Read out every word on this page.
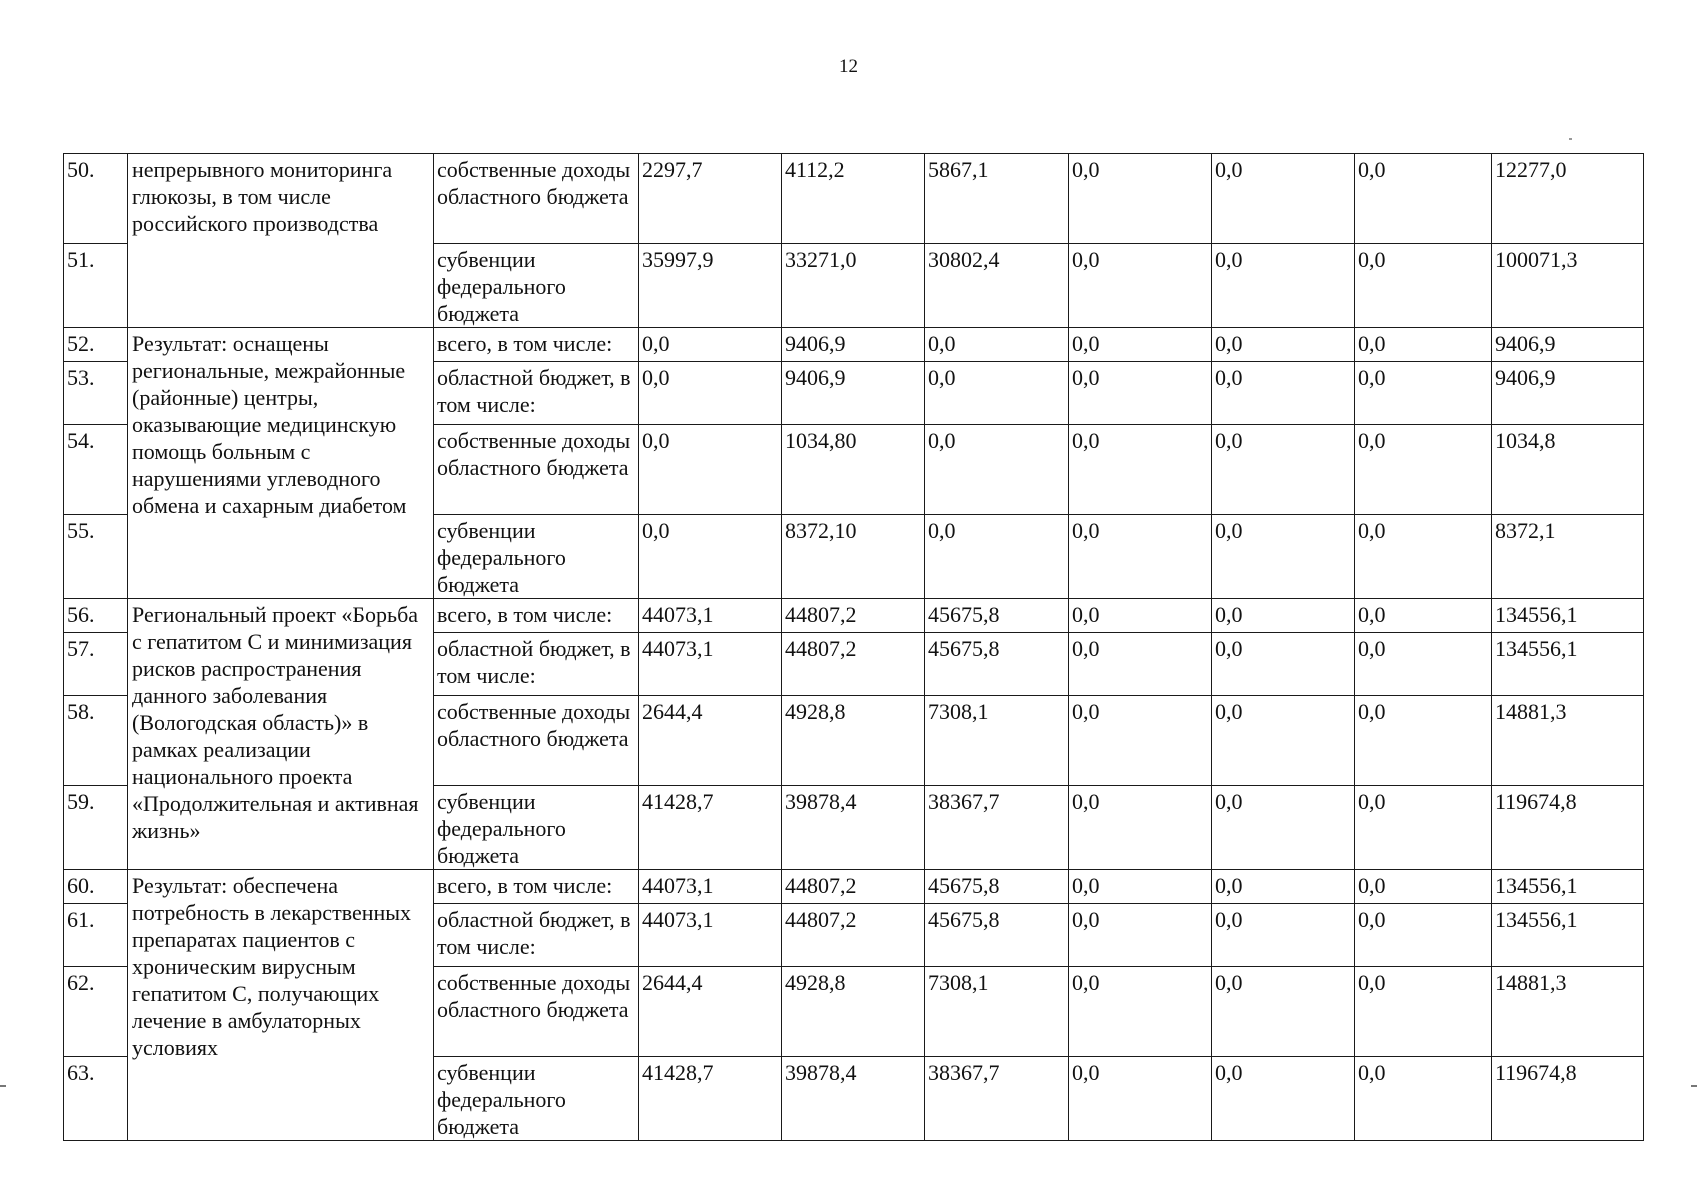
12
50.	непрерывного мониторинга глюкозы, в том числе российского производства	собственные доходы областного бюджета	2297,7	4112,2	5867,1	0,0	0,0	0,0	12277,0
51.		субвенции федерального бюджета	35997,9	33271,0	30802,4	0,0	0,0	0,0	100071,3
52.	Результат: оснащены региональные, межрайонные (районные) центры, оказывающие медицинскую помощь больным с нарушениями углеводного обмена и сахарным диабетом	всего, в том числе:	0,0	9406,9	0,0	0,0	0,0	0,0	9406,9
53.		областной бюджет, в том числе:	0,0	9406,9	0,0	0,0	0,0	0,0	9406,9
54.		собственные доходы областного бюджета	0,0	1034,80	0,0	0,0	0,0	0,0	1034,8
55.		субвенции федерального бюджета	0,0	8372,10	0,0	0,0	0,0	0,0	8372,1
56.	Региональный проект «Борьба с гепатитом С и минимизация рисков распространения данного заболевания (Вологодская область)» в рамках реализации национального проекта «Продолжительная и активная жизнь»	всего, в том числе:	44073,1	44807,2	45675,8	0,0	0,0	0,0	134556,1
57.		областной бюджет, в том числе:	44073,1	44807,2	45675,8	0,0	0,0	0,0	134556,1
58.		собственные доходы областного бюджета	2644,4	4928,8	7308,1	0,0	0,0	0,0	14881,3
59.		субвенции федерального бюджета	41428,7	39878,4	38367,7	0,0	0,0	0,0	119674,8
60.	Результат: обеспечена потребность в лекарственных препаратах пациентов с хроническим вирусным гепатитом С, получающих лечение в амбулаторных условиях	всего, в том числе:	44073,1	44807,2	45675,8	0,0	0,0	0,0	134556,1
61.		областной бюджет, в том числе:	44073,1	44807,2	45675,8	0,0	0,0	0,0	134556,1
62.		собственные доходы областного бюджета	2644,4	4928,8	7308,1	0,0	0,0	0,0	14881,3
63.		субвенции федерального бюджета	41428,7	39878,4	38367,7	0,0	0,0	0,0	119674,8
